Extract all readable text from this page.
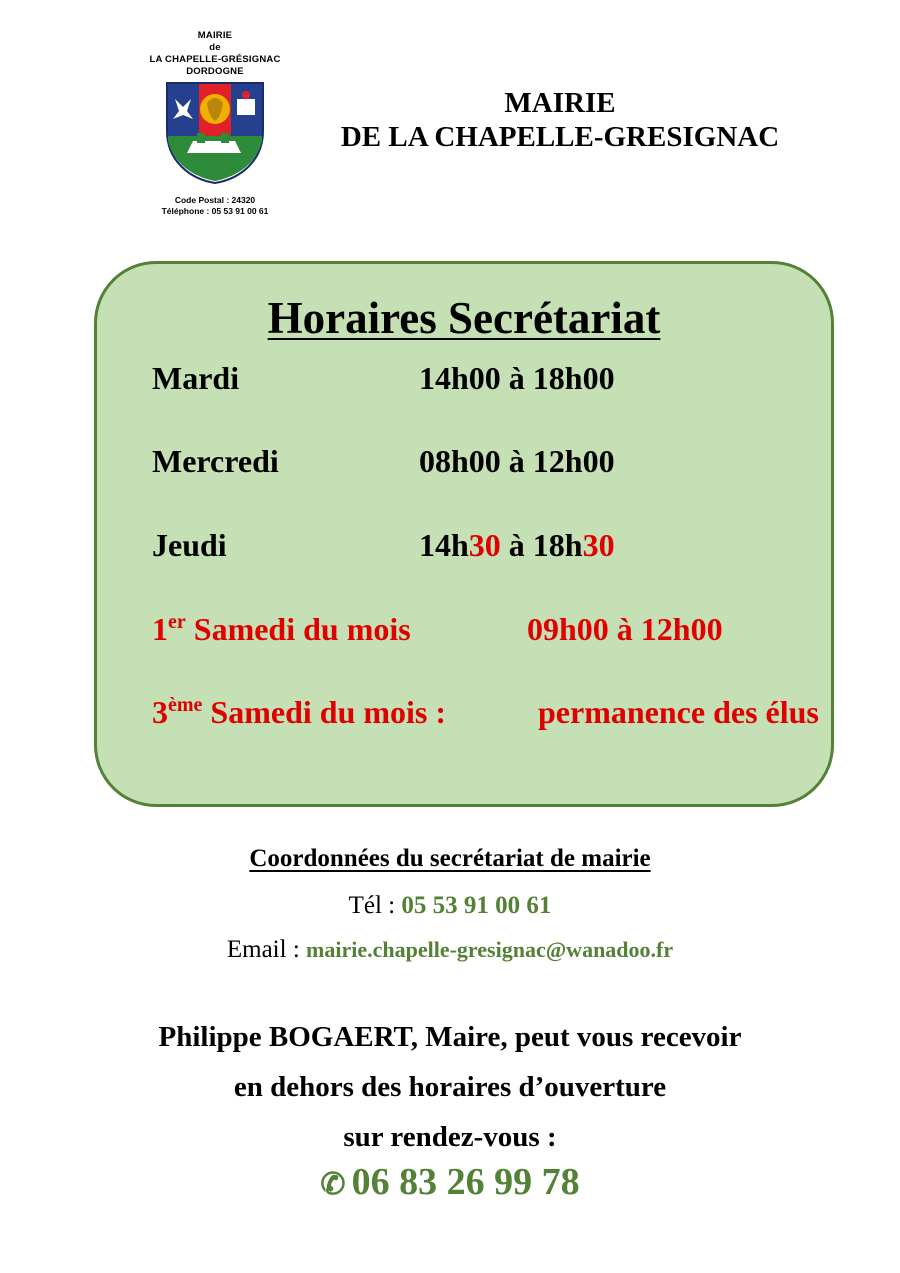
MAIRIE
de
LA CHAPELLE-GRÉSIGNAC
DORDOGNE
Code Postal : 24320
Téléphone : 05 53 91 00 61
MAIRIE
DE LA CHAPELLE-GRESIGNAC
Horaires Secrétariat
Mardi	14h00 à 18h00
Mercredi	08h00 à 12h00
Jeudi	14h30 à 18h30
1er Samedi du mois	09h00 à 12h00
3ème Samedi du mois :	permanence des élus
Coordonnées du secrétariat de mairie
Tél : 05 53 91 00 61
Email : mairie.chapelle-gresignac@wanadoo.fr
Philippe BOGAERT, Maire, peut vous recevoir
en dehors des horaires d’ouverture
sur rendez-vous :
✆ 06 83 26 99 78
